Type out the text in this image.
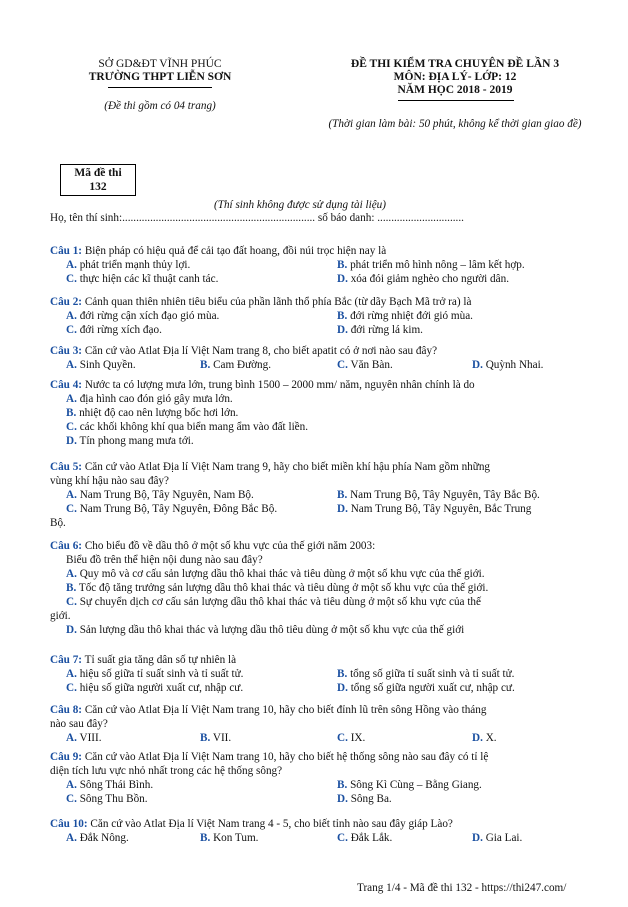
SỞ GD&ĐT VĨNH PHÚC
TRƯỜNG THPT LIỄN SƠN
(Đề thi gồm có 04 trang)
ĐỀ THI KIỂM TRA CHUYÊN ĐỀ LẦN 3
MÔN: ĐỊA LÝ- LỚP: 12
NĂM HỌC 2018 - 2019
(Thời gian làm bài: 50 phút, không kể thời gian giao đề)
Mã đề thi
132
(Thí sinh không được sử dụng tài liệu)
Họ, tên thí sinh:..................................................................... số báo danh: ...............................
Câu 1: Biện pháp có hiệu quả để cải tạo đất hoang, đồi núi trọc hiện nay là
A. phát triển mạnh thủy lợi.	B. phát triển mô hình nông – lâm kết hợp.
C. thực hiện các kĩ thuật canh tác.	D. xóa đói giảm nghèo cho người dân.
Câu 2: Cảnh quan thiên nhiên tiêu biểu của phần lãnh thổ phía Bắc (từ dãy Bạch Mã trở ra) là
A. đới rừng cận xích đạo gió mùa.	B. đới rừng nhiệt đới gió mùa.
C. đới rừng xích đạo.	D. đới rừng lá kim.
Câu 3: Căn cứ vào Atlat Địa lí Việt Nam trang 8, cho biết apatit có ở nơi nào sau đây?
A. Sinh Quyền.	B. Cam Đường.	C. Văn Bàn.	D. Quỳnh Nhai.
Câu 4: Nước ta có lượng mưa lớn, trung bình 1500 – 2000 mm/ năm, nguyên nhân chính là do
A. địa hình cao đón gió gây mưa lớn.
B. nhiệt độ cao nên lượng bốc hơi lớn.
C. các khối không khí qua biển mang ẩm vào đất liền.
D. Tín phong mang mưa tới.
Câu 5: Căn cứ vào Atlat Địa lí Việt Nam trang 9, hãy cho biết miền khí hậu phía Nam gồm những
vùng khí hậu nào sau đây?
A. Nam Trung Bộ, Tây Nguyên, Nam Bộ.	B. Nam Trung Bộ, Tây Nguyên, Tây Bắc Bộ.
C. Nam Trung Bộ, Tây Nguyên, Đông Bắc Bộ.	D. Nam Trung Bộ, Tây Nguyên, Bắc Trung
Bộ.
Câu 6: Cho biểu đồ về dầu thô ở một số khu vực của thế giới năm 2003:
Biểu đồ trên thể hiện nội dung nào sau đây?
A. Quy mô và cơ cấu sản lượng dầu thô khai thác và tiêu dùng ở một số khu vực của thế giới.
B. Tốc độ tăng trưởng sản lượng dầu thô khai thác và tiêu dùng ở một số khu vực của thế giới.
C. Sự chuyển dịch cơ cấu sản lượng dầu thô khai thác và tiêu dùng ở một số khu vực của thế
giới.
D. Sản lượng dầu thô khai thác và lượng dầu thô tiêu dùng ở một số khu vực của thế giới
Câu 7: Tỉ suất gia tăng dân số tự nhiên là
A. hiệu số giữa tỉ suất sinh và tỉ suất tử.	B. tổng số giữa tỉ suất sinh và tỉ suất tử.
C. hiệu số giữa người xuất cư, nhập cư.	D. tổng số giữa người xuất cư, nhập cư.
Câu 8: Căn cứ vào Atlat Địa lí Việt Nam trang 10, hãy cho biết đỉnh lũ trên sông Hồng vào tháng
nào sau đây?
A. VIII.	B. VII.	C. IX.	D. X.
Câu 9: Căn cứ vào Atlat Địa lí Việt Nam trang 10, hãy cho biết hệ thống sông nào sau đây có tỉ lệ
diện tích lưu vực nhỏ nhất trong các hệ thống sông?
A. Sông Thái Bình.	B. Sông Kì Cùng – Bằng Giang.
C. Sông Thu Bồn.	D. Sông Ba.
Câu 10: Căn cứ vào Atlat Địa lí Việt Nam trang 4 - 5, cho biết tỉnh nào sau đây giáp Lào?
A. Đắk Nông.	B. Kon Tum.	C. Đắk Lắk.	D. Gia Lai.
Trang 1/4 - Mã đề thi 132 - https://thi247.com/
